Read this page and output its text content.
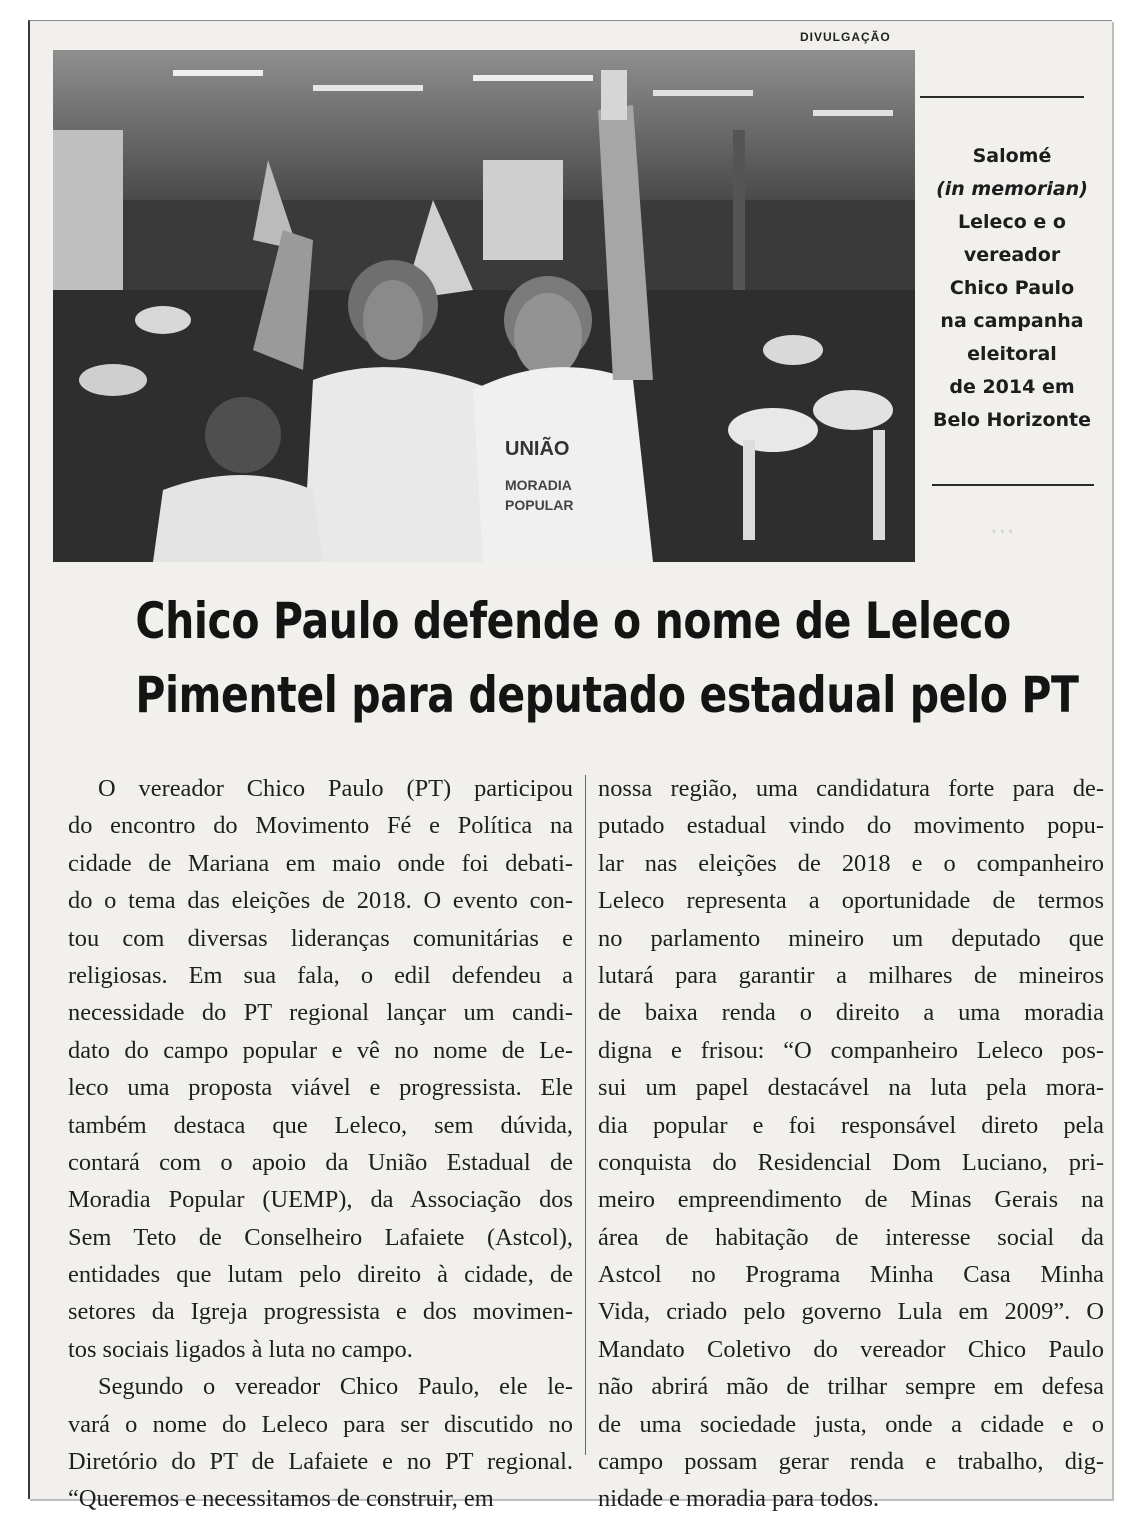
...
DIVULGAÇÃO
UNIÃO
MORADIA
POPULAR
Salomé
(in memorian)
Leleco e o
vereador
Chico Paulo
na campanha
eleitoral
de 2014 em
Belo Horizonte
Chico Paulo defende o nome de Leleco
Pimentel para deputado estadual pelo PT
O vereador Chico Paulo (PT) participou
do encontro do Movimento Fé e Política na
cidade de Mariana em maio onde foi debati-
do o tema das eleições de 2018. O evento con-
tou com diversas lideranças comunitárias e
religiosas. Em sua fala, o edil defendeu a
necessidade do PT regional lançar um candi-
dato do campo popular e vê no nome de Le-
leco uma proposta viável e progressista. Ele
também destaca que Leleco, sem dúvida,
contará com o apoio da União Estadual de
Moradia Popular (UEMP), da Associação dos
Sem Teto de Conselheiro Lafaiete (Astcol),
entidades que lutam pelo direito à cidade, de
setores da Igreja progressista e dos movimen-
tos sociais ligados à luta no campo.
Segundo o vereador Chico Paulo, ele le-
vará o nome do Leleco para ser discutido no
Diretório do PT de Lafaiete e no PT regional.
“Queremos e necessitamos de construir, em
nossa região, uma candidatura forte para de-
putado estadual vindo do movimento popu-
lar nas eleições de 2018 e o companheiro
Leleco representa a oportunidade de termos
no parlamento mineiro um deputado que
lutará para garantir a milhares de mineiros
de baixa renda o direito a uma moradia
digna e frisou: “O companheiro Leleco pos-
sui um papel destacável na luta pela mora-
dia popular e foi responsável direto pela
conquista do Residencial Dom Luciano, pri-
meiro empreendimento de Minas Gerais na
área de habitação de interesse social da
Astcol no Programa Minha Casa Minha
Vida, criado pelo governo Lula em 2009”. O
Mandato Coletivo do vereador Chico Paulo
não abrirá mão de trilhar sempre em defesa
de uma sociedade justa, onde a cidade e o
campo possam gerar renda e trabalho, dig-
nidade e moradia para todos.
